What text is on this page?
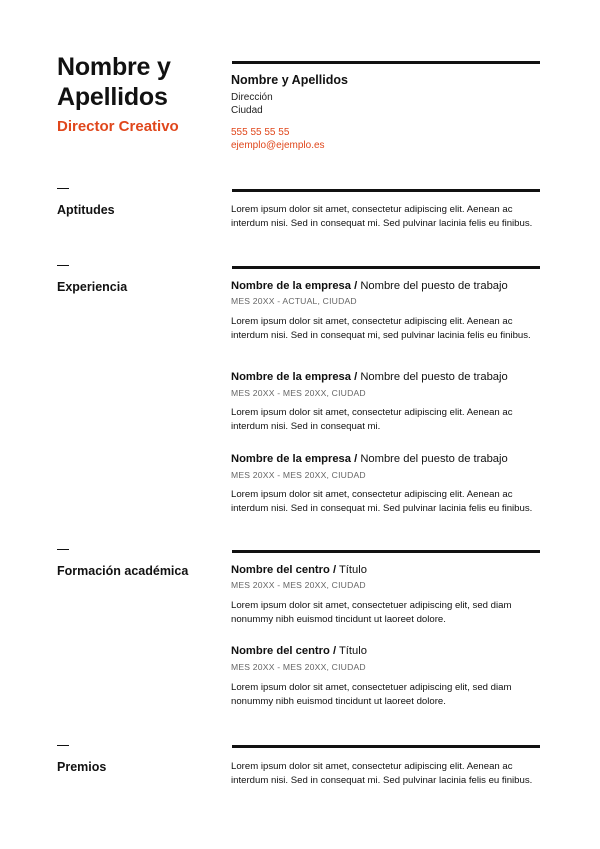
Nombre y Apellidos
Director Creativo
Nombre y Apellidos
Dirección
Ciudad
555 55 55 55
ejemplo@ejemplo.es
Aptitudes	Lorem ipsum dolor sit amet, consectetur adipiscing elit. Aenean ac interdum nisi. Sed in consequat mi. Sed pulvinar lacinia felis eu finibus.
Experiencia	Nombre de la empresa / Nombre del puesto de trabajo
MES 20XX - ACTUAL, CIUDAD
Lorem ipsum dolor sit amet, consectetur adipiscing elit. Aenean ac interdum nisi. Sed in consequat mi, sed pulvinar lacinia felis eu finibus.
Nombre de la empresa / Nombre del puesto de trabajo
MES 20XX - MES 20XX, CIUDAD
Lorem ipsum dolor sit amet, consectetur adipiscing elit. Aenean ac interdum nisi. Sed in consequat mi.
Nombre de la empresa / Nombre del puesto de trabajo
MES 20XX - MES 20XX, CIUDAD
Lorem ipsum dolor sit amet, consectetur adipiscing elit. Aenean ac interdum nisi. Sed in consequat mi. Sed pulvinar lacinia felis eu finibus.
Formación académica	Nombre del centro / Título
MES 20XX - MES 20XX, CIUDAD
Lorem ipsum dolor sit amet, consectetuer adipiscing elit, sed diam nonummy nibh euismod tincidunt ut laoreet dolore.
Nombre del centro / Título
MES 20XX - MES 20XX, CIUDAD
Lorem ipsum dolor sit amet, consectetuer adipiscing elit, sed diam nonummy nibh euismod tincidunt ut laoreet dolore.
Premios	Lorem ipsum dolor sit amet, consectetur adipiscing elit. Aenean ac interdum nisi. Sed in consequat mi. Sed pulvinar lacinia felis eu finibus.
